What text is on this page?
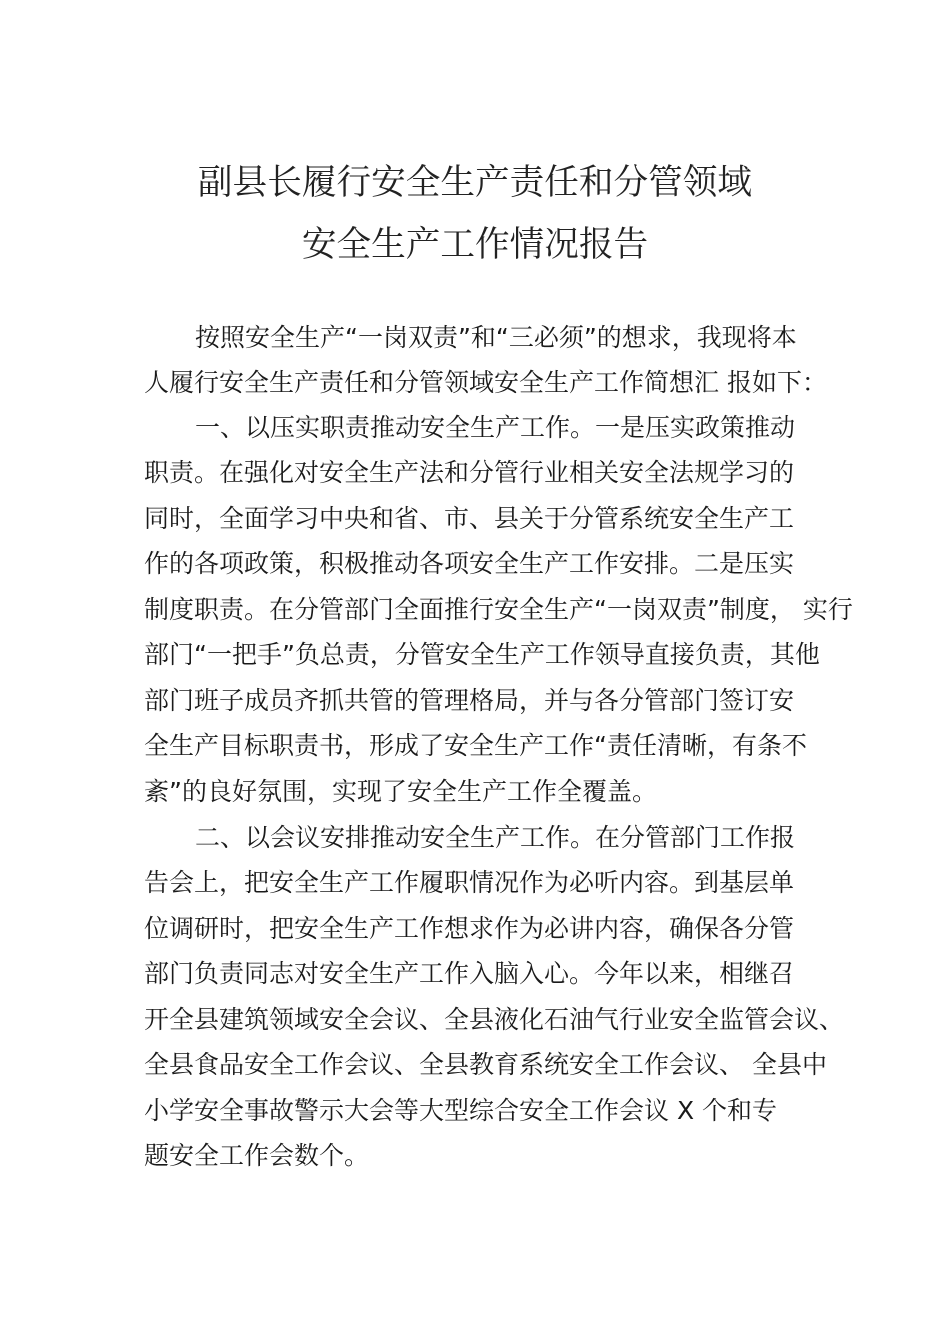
副县长履行安全生产责任和分管领域
安全生产工作情况报告
按照安全生产“一岗双责”和“三必须”的想求，我现将本
人履行安全生产责任和分管领域安全生产工作简想汇 报如下：
一、以压实职责推动安全生产工作。一是压实政策推动
职责。在强化对安全生产法和分管行业相关安全法规学习的
同时，全面学习中央和省、市、县关于分管系统安全生产工
作的各项政策，积极推动各项安全生产工作安排。二是压实
制度职责。在分管部门全面推行安全生产“一岗双责”制度， 实行
部门“一把手”负总责，分管安全生产工作领导直接负责，其他
部门班子成员齐抓共管的管理格局，并与各分管部门签订安
全生产目标职责书，形成了安全生产工作“责任清晰，有条不
紊”的良好氛围，实现了安全生产工作全覆盖。
二、以会议安排推动安全生产工作。在分管部门工作报
告会上，把安全生产工作履职情况作为必听内容。到基层单
位调研时，把安全生产工作想求作为必讲内容，确保各分管
部门负责同志对安全生产工作入脑入心。今年以来，相继召
开全县建筑领域安全会议、全县液化石油气行业安全监管会议、
全县食品安全工作会议、全县教育系统安全工作会议、 全县中
小学安全事故警示大会等大型综合安全工作会议 X 个和专
题安全工作会数个。
